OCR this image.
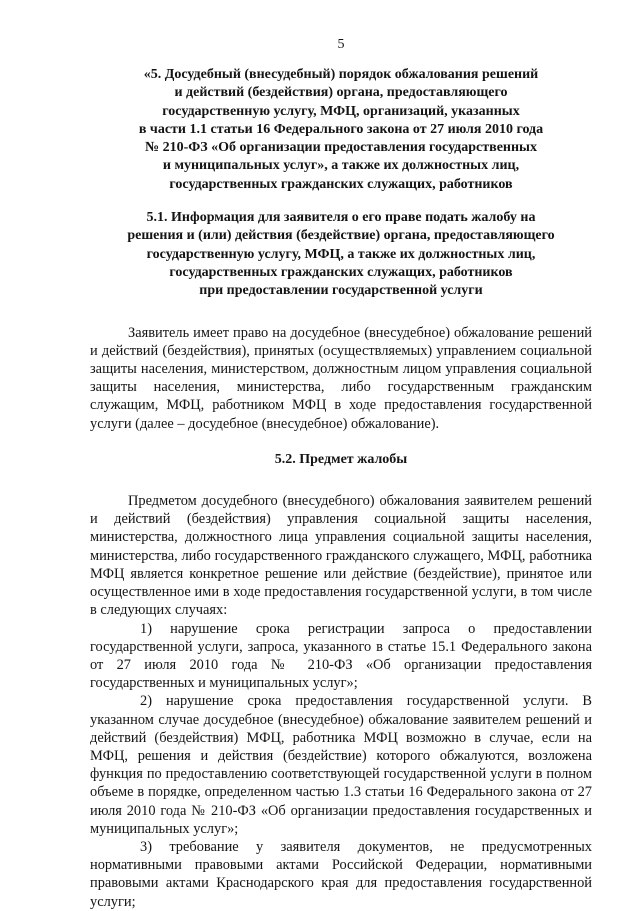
5
«5. Досудебный (внесудебный) порядок обжалования решений
и действий (бездействия) органа, предоставляющего
государственную услугу, МФЦ, организаций, указанных
в части 1.1 статьи 16 Федерального закона от 27 июля 2010 года
№ 210-ФЗ «Об организации предоставления государственных
и муниципальных услуг», а также их должностных лиц,
государственных гражданских служащих, работников
5.1. Информация для заявителя о его праве подать жалобу на
решения и (или) действия (бездействие) органа, предоставляющего
государственную услугу, МФЦ, а также их должностных лиц,
государственных гражданских служащих, работников
при предоставлении государственной услуги

Заявитель имеет право на досудебное (внесудебное) обжалование решений и действий (бездействия), принятых (осуществляемых) управлением социальной защиты населения, министерством, должностным лицом управления социальной защиты населения, министерства, либо государственным гражданским служащим, МФЦ, работником МФЦ в ходе предоставления государственной услуги (далее – досудебное (внесудебное) обжалование).

5.2. Предмет жалобы

Предметом досудебного (внесудебного) обжалования заявителем решений и действий (бездействия) управления социальной защиты населения, министерства, должностного лица управления социальной защиты населения, министерства, либо государственного гражданского служащего, МФЦ, работника МФЦ является конкретное решение или действие (бездействие), принятое или осуществленное ими в ходе предоставления государственной услуги, в том числе в следующих случаях:

1) нарушение срока регистрации запроса о предоставлении государственной услуги, запроса, указанного в статье 15.1 Федерального закона от 27 июля 2010 года № 210-ФЗ «Об организации предоставления государственных и муниципальных услуг»;

2) нарушение срока предоставления государственной услуги. В указанном случае досудебное (внесудебное) обжалование заявителем решений и действий (бездействия) МФЦ, работника МФЦ возможно в случае, если на МФЦ, решения и действия (бездействие) которого обжалуются, возложена функция по предоставлению соответствующей государственной услуги в полном объеме в порядке, определенном частью 1.3 статьи 16 Федерального закона от 27 июля 2010 года № 210-ФЗ «Об организации предоставления государственных и муниципальных услуг»;

3) требование у заявителя документов, не предусмотренных нормативными правовыми актами Российской Федерации, нормативными правовыми актами Краснодарского края для предоставления государственной услуги;
